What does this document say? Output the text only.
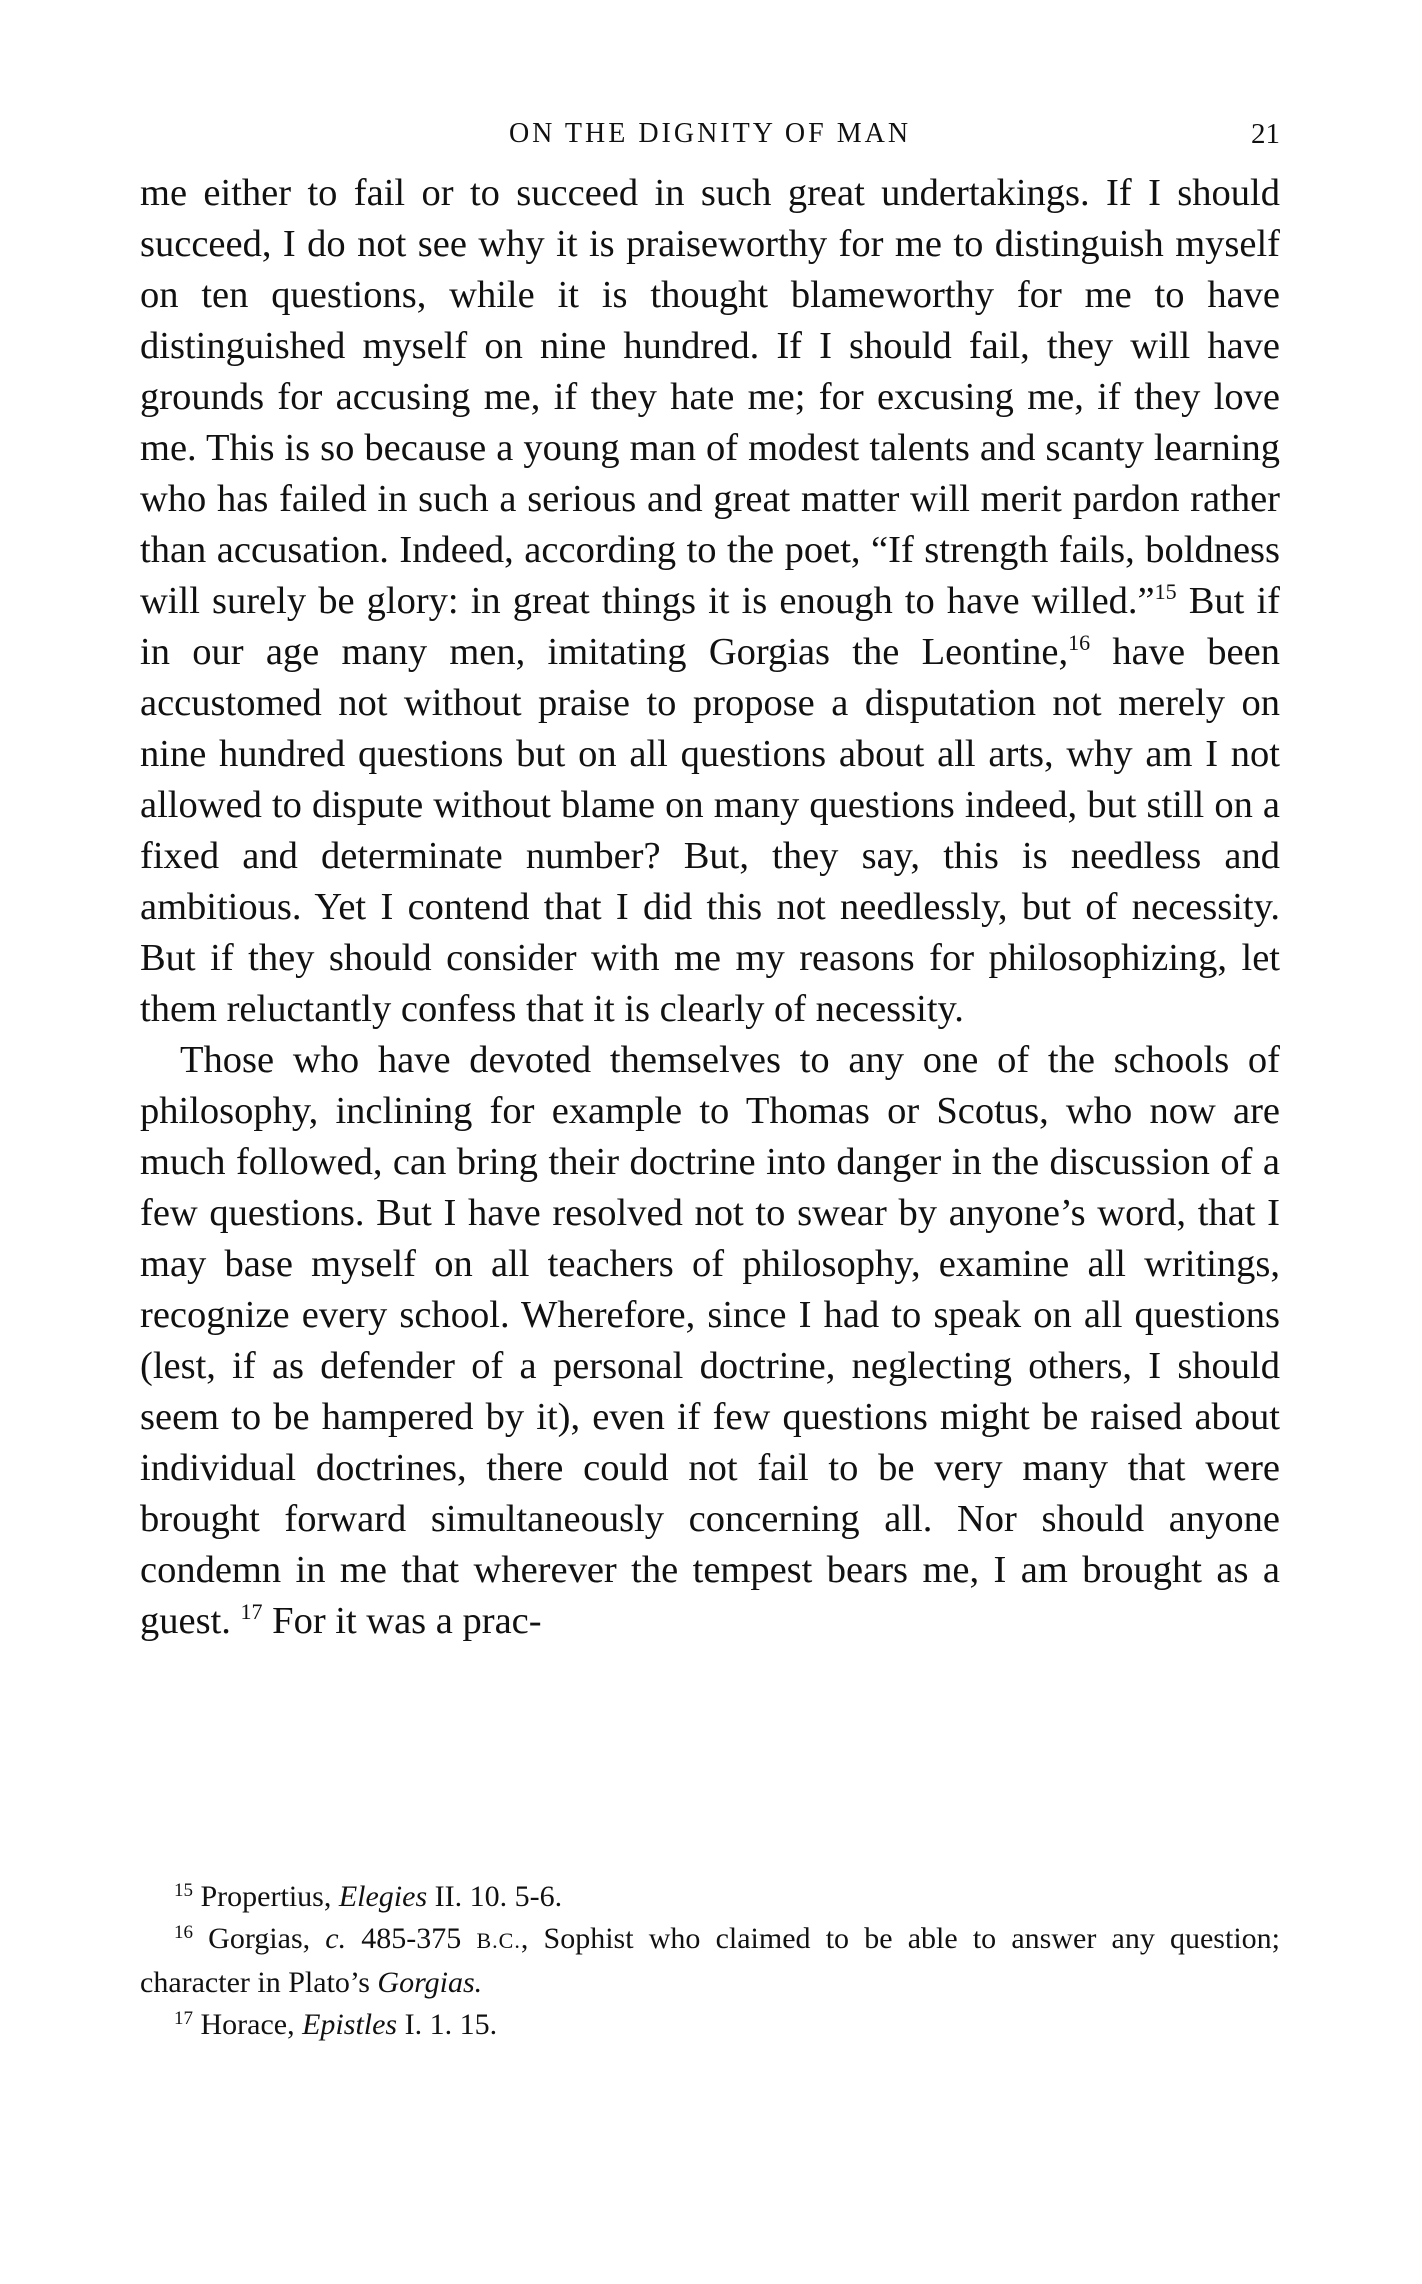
ON THE DIGNITY OF MAN	21

me either to fail or to succeed in such great undertakings. If I should succeed, I do not see why it is praiseworthy for me to distinguish myself on ten questions, while it is thought blameworthy for me to have distinguished myself on nine hundred. If I should fail, they will have grounds for accusing me, if they hate me; for excusing me, if they love me. This is so because a young man of modest talents and scanty learning who has failed in such a serious and great matter will merit pardon rather than accusation. Indeed, according to the poet, “If strength fails, boldness will surely be glory: in great things it is enough to have willed.”$^{15}$ But if in our age many men, imitating Gorgias the Leontine,$^{16}$ have been accustomed not without praise to propose a disputation not merely on nine hundred questions but on all questions about all arts, why am I not allowed to dispute without blame on many questions indeed, but still on a fixed and determinate number? But, they say, this is needless and ambitious. Yet I contend that I did this not needlessly, but of necessity. But if they should consider with me my reasons for philosophizing, let them reluctantly confess that it is clearly of necessity.

Those who have devoted themselves to any one of the schools of philosophy, inclining for example to Thomas or Scotus, who now are much followed, can bring their doctrine into danger in the discussion of a few questions. But I have resolved not to swear by anyone’s word, that I may base myself on all teachers of philosophy, examine all writings, recognize every school. Wherefore, since I had to speak on all questions (lest, if as defender of a personal doctrine, neglecting others, I should seem to be hampered by it), even if few questions might be raised about individual doctrines, there could not fail to be very many that were brought forward simultaneously concerning all. Nor should anyone condemn in me that wherever the tempest bears me, I am brought as a guest. $^{17}$ For it was a prac-

$^{15}$ Propertius, Elegies II. 10. 5-6.

$^{16}$ Gorgias, c. 485-375 B.C., Sophist who claimed to be able to answer any question; character in Plato’s Gorgias.

$^{17}$ Horace, Epistles I. 1. 15.
